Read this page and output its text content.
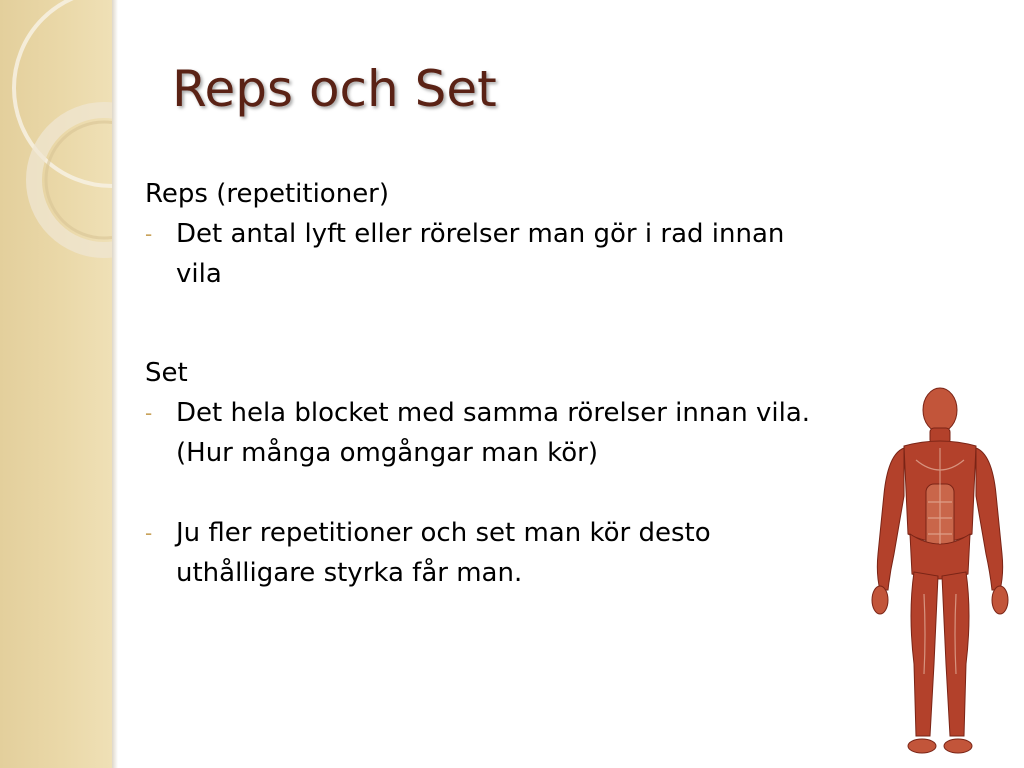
Reps och Set

Reps (repetitioner)

- Det antal lyft eller rörelser man gör i rad innan
vila

Set

- Det hela blocket med samma rörelser innan vila.
(Hur många omgångar man kör)
- Ju fler repetitioner och set man kör desto
uthålligare styrka får man.
